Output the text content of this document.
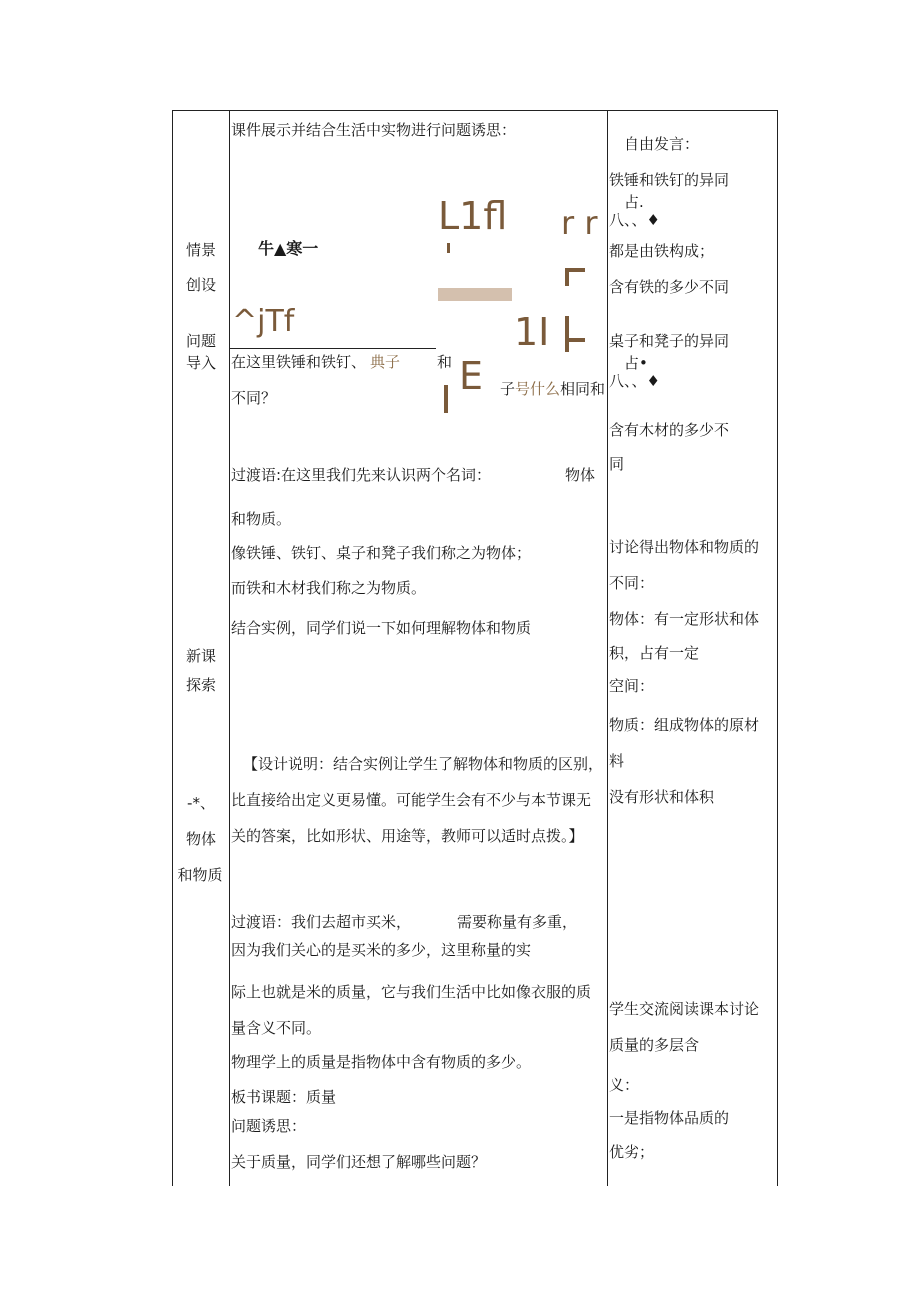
情景
创设
问题
导入
新课
探索
-*、
物体
和物质
课件展示并结合生活中实物进行问题诱思：
牛▲寒一
^jTf
L1fl r r
1I
E
在这里铁锤和铁钉、 典子 和
子 号什么 相同和
不同？
过渡语:在这里我们先来认识两个名词：	物体
和物质。
像铁锤、铁钉、桌子和凳子我们称之为物体；
而铁和木材我们称之为物质。
结合实例，同学们说一下如何理解物体和物质
【设计说明：结合实例让学生了解物体和物质的区别，
比直接给出定义更易懂。可能学生会有不少与本节课无
关的答案，比如形状、用途等，教师可以适时点拨。】
过渡语：我们去超市买米，	需要称量有多重，
因为我们关心的是买米的多少，这里称量的实
际上也就是米的质量，它与我们生活中比如像衣服的质
量含义不同。
物理学上的质量是指物体中含有物质的多少。
板书课题：质量
问题诱思：
关于质量，同学们还想了解哪些问题？
自由发言：
铁锤和铁钉的异同
占.
八、、♦
都是由铁构成；
含有铁的多少不同
桌子和凳子的异同
占•
八、、♦
含有木材的多少不
同
讨论得出物体和物质的
不同：
物体：有一定形状和体
积，占有一定
空间：
物质：组成物体的原材
料
没有形状和体积
学生交流阅读课本讨论
质量的多层含
义：
一是指物体品质的
优劣；
